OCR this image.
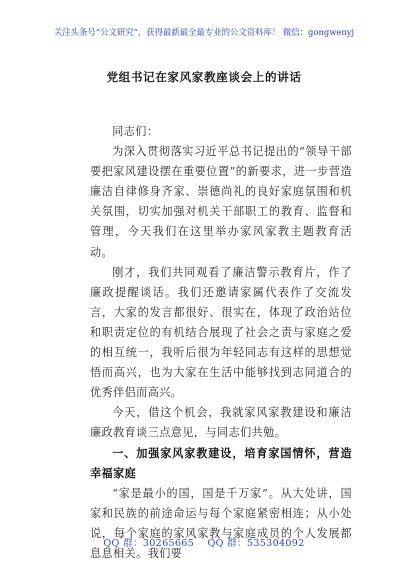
关注头条号“公文研究”，获得最新最全最专业的公文资料库！ 微信：gongwenyj
党组书记在家风家教座谈会上的讲话

同志们：

为深入贯彻落实习近平总书记提出的“领导干部要把家风建设摆在重要位置”的新要求，进一步营造廉洁自律修身齐家、崇德尚礼的良好家庭氛围和机关氛围，切实加强对机关干部职工的教育、监督和管理，今天我们在这里举办家风家教主题教育活动。

刚才，我们共同观看了廉洁警示教育片，作了廉政提醒谈话。我们还邀请家属代表作了交流发言，大家的发言都很好、很实在，体现了政治站位和职责定位的有机结合展现了社会之责与家庭之爱的相互统一，我听后很为年轻同志有这样的思想觉悟而高兴，也为大家在生活中能够找到志同道合的优秀伴侣而高兴。

今天，借这个机会，我就家风家教建设和廉洁廉政教育谈三点意见，与同志们共勉。

一、加强家风家教建设，培育家国情怀，营造幸福家庭

“家是最小的国，国是千万家”。从大处讲，国家和民族的前途命运与每个家庭紧密相连；从小处说，每个家庭的家风家教与家庭成员的个人发展都息息相关。我们要

QQ 群：30265665    QQ 群：535304092
